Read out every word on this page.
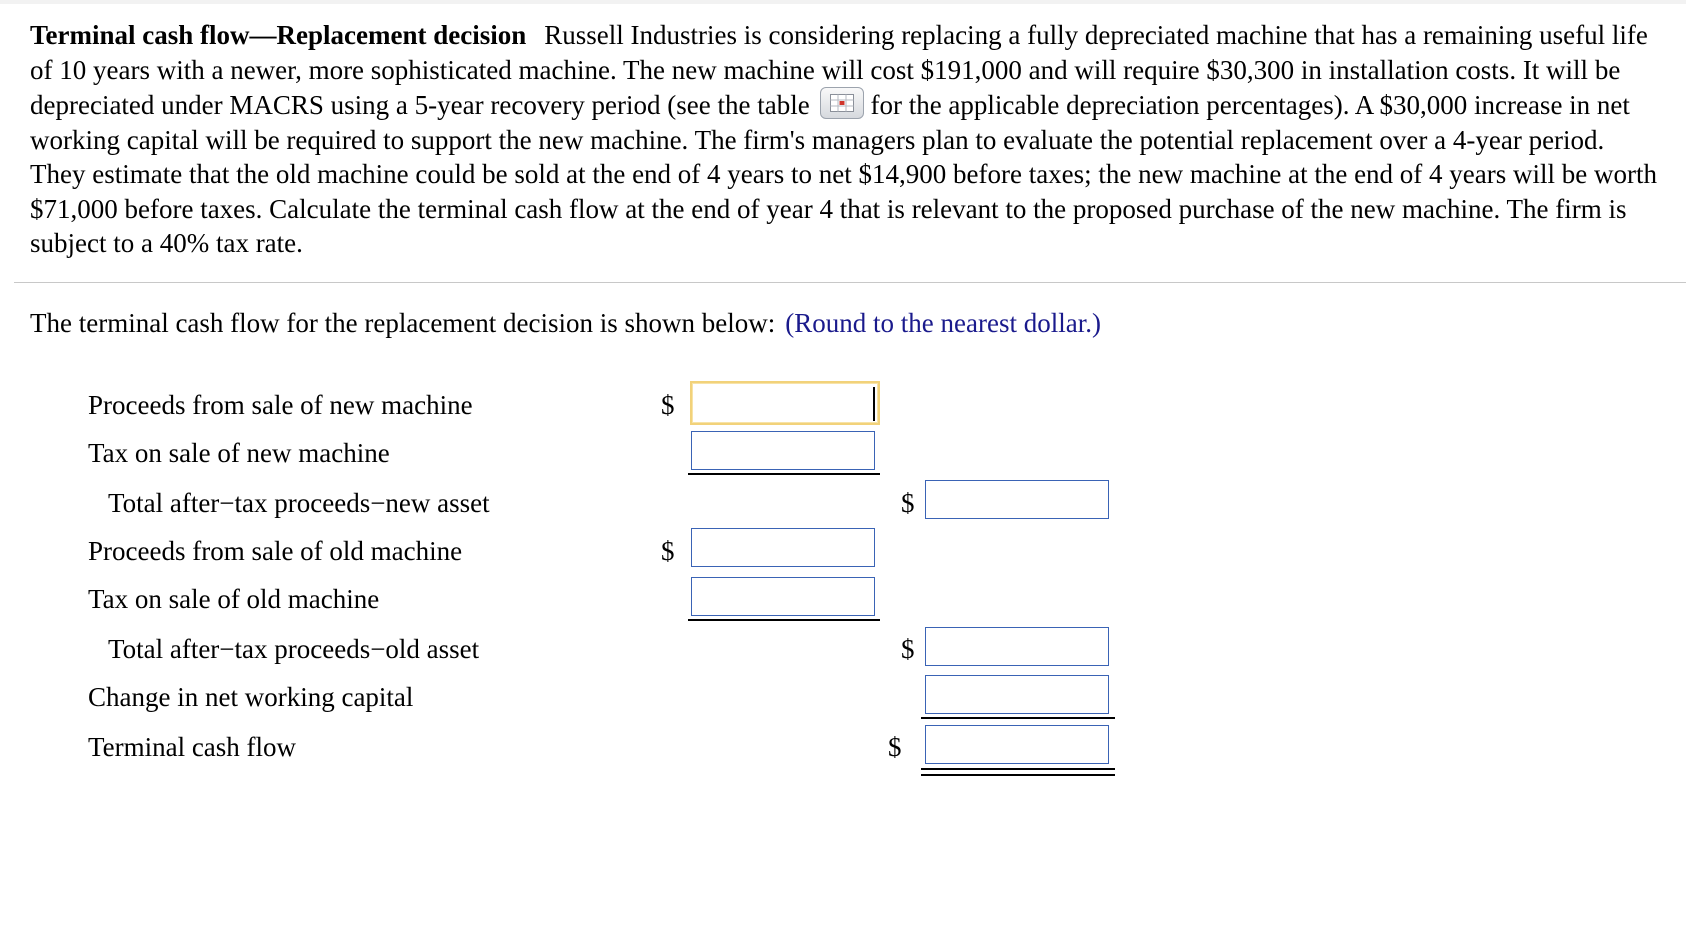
Terminal cash flow—Replacement decision Russell Industries is considering replacing a fully depreciated machine that has a remaining useful life of 10 years with a newer, more sophisticated machine. The new machine will cost $191,000 and will require $30,300 in installation costs. It will be depreciated under MACRS using a 5-year recovery period (see the table for the applicable depreciation percentages). A $30,000 increase in net working capital will be required to support the new machine. The firm's managers plan to evaluate the potential replacement over a 4-year period. They estimate that the old machine could be sold at the end of 4 years to net $14,900 before taxes; the new machine at the end of 4 years will be worth $71,000 before taxes. Calculate the terminal cash flow at the end of year 4 that is relevant to the proposed purchase of the new machine. The firm is subject to a 40% tax rate.
The terminal cash flow for the replacement decision is shown below: (Round to the nearest dollar.)
Proceeds from sale of new machine	$
Tax on sale of new machine
Total after−tax proceeds−new asset	$
Proceeds from sale of old machine	$
Tax on sale of old machine
Total after−tax proceeds−old asset	$
Change in net working capital
Terminal cash flow	$
